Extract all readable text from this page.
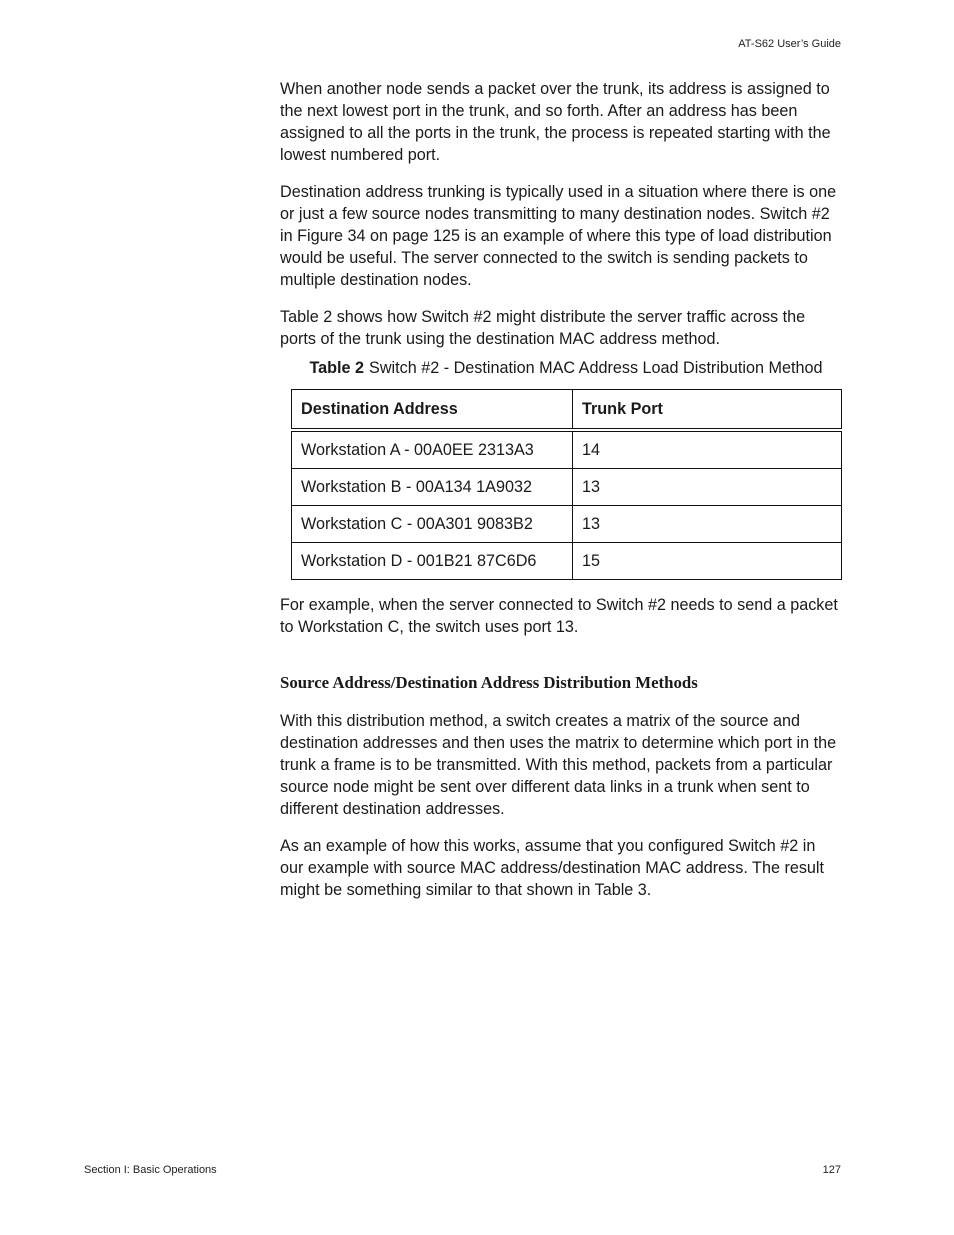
AT-S62 User’s Guide

When another node sends a packet over the trunk, its address is assigned to the next lowest port in the trunk, and so forth. After an address has been assigned to all the ports in the trunk, the process is repeated starting with the lowest numbered port.

Destination address trunking is typically used in a situation where there is one or just a few source nodes transmitting to many destination nodes. Switch #2 in Figure 34 on page 125 is an example of where this type of load distribution would be useful. The server connected to the switch is sending packets to multiple destination nodes.

Table 2 shows how Switch #2 might distribute the server traffic across the ports of the trunk using the destination MAC address method.

Table 2 Switch #2 - Destination MAC Address Load Distribution Method
Destination Address	Trunk Port
Workstation A - 00A0EE 2313A3	14
Workstation B - 00A134 1A9032	13
Workstation C - 00A301 9083B2	13
Workstation D - 001B21 87C6D6	15

For example, when the server connected to Switch #2 needs to send a packet to Workstation C, the switch uses port 13.

Source Address/Destination Address Distribution Methods

With this distribution method, a switch creates a matrix of the source and destination addresses and then uses the matrix to determine which port in the trunk a frame is to be transmitted. With this method, packets from a particular source node might be sent over different data links in a trunk when sent to different destination addresses.

As an example of how this works, assume that you configured Switch #2 in our example with source MAC address/destination MAC address. The result might be something similar to that shown in Table 3.

Section I: Basic Operations	127
